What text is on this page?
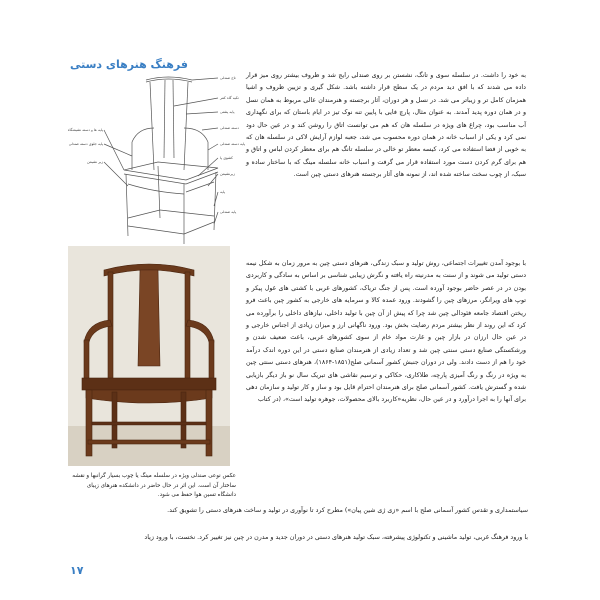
فرهنگ هنرهای دستی
تاج صندلی
تکیه گاه کمر
پایه پشتی
دسته صندلی
پایه دسته صندلی
کشوی پا
زیرنشیمن
پایه
پایه صندلی
پایه ها و دسته نشیمنگاه
پایه جلوی دسته صندلی
زیر نشیمن
عکس نوعی صندلی ویژه در سلسله مینگ یا چوب بسیار گرانبها و نقشه ساختار آن است. این اثر در حال حاضر در دانشکده هنرهای زیبای دانشگاه تسین هوا حفظ می شود.
به خود را داشت. در سلسله سوی و تانگ، نشستن بر روی صندلی رایج شد و ظروف بیشتر روی میز قرار داده می شدند که با افق دید مردم در یک سطح قرار داشته باشد. شکل گیری و تزیین ظروف و اشیا همزمان کامل تر و زیباتر می شد. در نسل و هر دوران، آثار برجسته و هنرمندان عالی مربوط به همان نسل و در همان دوره پدید آمدند. به عنوان مثال، پارچ فایی با پایین تنه نوک تیز در ایام باستان که برای نگهداری آب مناسب بود، چراغ های ویژه در سلسله هان که هم می توانست اتاق را روشن کند و در عین حال دود نمی کرد و یکی از اسباب خانه در همان دوره محسوب می شد، جعبه لوازم آرایش لاکی در سلسله هان که به خوبی از فضا استفاده می کرد، کیسه معطر تو خالی در سلسله تانگ هم برای معطر کردن لباس و اتاق و هم برای گرم کردن دست مورد استفاده قرار می گرفت و اسباب خانه سلسله مینگ که با ساختار ساده و سبک، از چوب سخت ساخته شده اند، از نمونه های آثار برجسته هنرهای دستی چین است.
با بوجود آمدن تغییرات اجتماعی، روش تولید و سبک زندگی، هنرهای دستی چین به مرور زمان به شکل نیمه دستی تولید می شوند و از سنت به مدرنیته راه یافته و نگرش زیبایی شناسی بر اساس به سادگی و کاربردی بودن در در عصر حاضر بوجود آورده است. پس از جنگ تریاک، کشورهای غربی با کشتی های غول پیکر و توپ های ویرانگر، مرزهای چین را گشودند. ورود عمده کالا و سرمایه های خارجی به کشور چین باعث فرو ریختن اقتصاد جامعه فئودالی چین شد چرا که پیش از آن چین با تولید داخلی، نیازهای داخلی را برآورده می کرد که این روند از نظر بیشتر مردم رضایت بخش بود. ورود ناگهانی ارز و میزان زیادی از اجناس خارجی و در عین حال ارزان در بازار چین و غارت مواد خام از سوی کشورهای غربی، باعث ضعیف شدن و ورشکستگی صنایع دستی سنتی چین شد و تعداد زیادی از هنرمندان صنایع دستی در این دوره اندک درآمد خود را هم از دست دادند. ولی در دوران جنبش کشور آسمانی صلح(۱۸۵۱-۱۸۶۴)، هنرهای دستی سنتی چین به ویژه در رنگ و رنگ آمیزی پارچه، طلاکاری، حکاکی و ترسیم نقاشی های تبریک سال نو باز دیگر بازیابی شده و گسترش یافت. کشور آسمانی صلح برای هنرمندان احترام قایل بود و ساز و کار تولید و سازمان دهی برای آنها را به اجرا درآورد و در عین حال، نظریه«کاربرد بالای محصولات، جوهره تولید است»، (در کتاب
سیاستمداری و تقدس کشور آسمانی صلح با اسم «زی ژی شین پیان») مطرح کرد تا نوآوری در تولید و ساخت هنرهای دستی را تشویق کند.
با ورود فرهنگ غربی، تولید ماشینی و تکنولوژی پیشرفته، سبک تولید هنرهای دستی در دوران جدید و مدرن در چین نیز تغییر کرد. نخست، با ورود زیاد
۱۷
